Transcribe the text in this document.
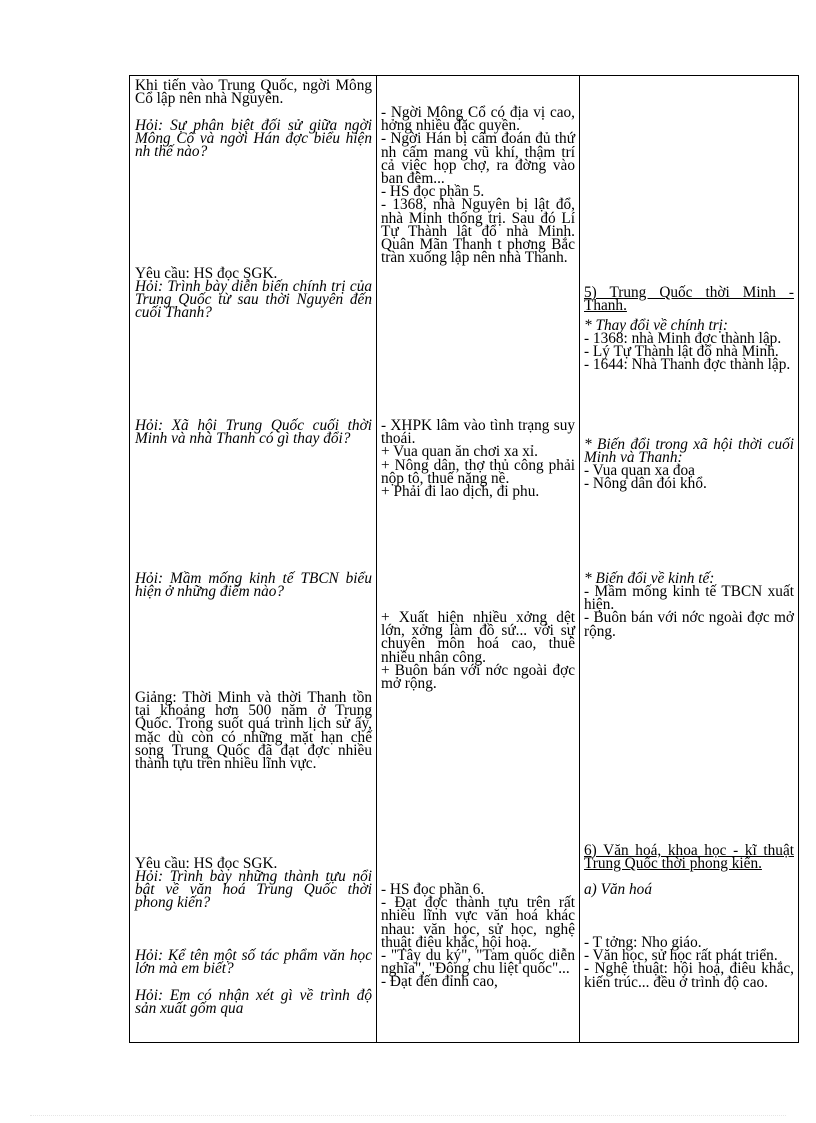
Khi tiến vào Trung Quốc, ngời Mông Cổ lập nên nhà Nguyên.
Hỏi: Sự phân biệt đối sử giữa ngời Mông Cổ và ngời Hán đợc biểu hiện nh thế nào?
Yêu cầu: HS đọc SGK.
Hỏi: Trình bày diễn biến chính trị của Trung Quốc từ sau thời Nguyên đến cuối Thanh?
Hỏi: Xã hội Trung Quốc cuối thời Minh và nhà Thanh có gì thay đổi?
Hỏi: Mầm mống kinh tế TBCN biểu hiện ở những điểm nào?
Giảng: Thời Minh và thời Thanh tồn tại khoảng hơn 500 năm ở Trung Quốc. Trong suốt quá trình lịch sử ấy, mặc dù còn có những mặt hạn chế song Trung Quốc đã đạt đợc nhiều thành tựu trên nhiều lĩnh vực.
Yêu cầu: HS đọc SGK.
Hỏi: Trình bày những thành tựu nổi bật về văn hoá Trung Quốc thời phong kiến?
Hỏi: Kể tên một số tác phẩm văn học lớn mà em biết?
Hỏi: Em có nhận xét gì về trình độ sản xuất gốm qua
- Ngời Mông Cổ có địa vị cao, hởng nhiều đặc quyền.
- Ngời Hán bị cấm đoán đủ thứ nh cấm mang vũ khí, thậm trí cả việc họp chợ, ra đờng vào ban đêm...
- HS đọc phần 5.
- 1368, nhà Nguyên bị lật đổ, nhà Minh thống trị. Sau đó Lí Tự Thành lật đổ nhà Minh. Quân Mãn Thanh t phơng Bắc tràn xuống lập nên nhà Thanh.
- XHPK lâm vào tình trạng suy thoái.
+ Vua quan ăn chơi xa xỉ.
+ Nông dân, thợ thủ công phải nộp tô, thuế nặng nề.
+ Phải đi lao dịch, đi phu.
+ Xuất hiện nhiều xởng dệt lớn, xởng làm đồ sứ... với sự chuyên môn hoá cao, thuê nhiều nhân công.
+ Buôn bán với nớc ngoài đợc mở rộng.
- HS đọc phần 6.
- Đạt đợc thành tựu trên rất nhiều lĩnh vực văn hoá khác nhau: văn học, sử học, nghệ thuật điêu khắc, hội hoạ.
- "Tây du ký", "Tam quốc diễn nghĩa", "Đông chu liệt quốc"...
- Đạt đến đỉnh cao,
5) Trung Quốc thời Minh - Thanh.
* Thay đổi về chính trị:
- 1368: nhà Minh đợc thành lập.
- Lý Tự Thành lật đổ nhà Minh.
- 1644: Nhà Thanh đợc thành lập.
* Biến đổi trong xã hội thời cuối Minh và Thanh:
- Vua quan xa đoạ
- Nông dân đói khổ.
* Biến đổi về kinh tế:
- Mầm mống kinh tế TBCN xuất hiện.
- Buôn bán với nớc ngoài đợc mở rộng.
6) Văn hoá, khoa học - kĩ thuật Trung Quốc thời phong kiến.
a) Văn hoá
- T tởng: Nho giáo.
- Văn học, sử học rất phát triển.
- Nghệ thuật: hội hoạ, điêu khắc, kiến trúc... đều ở trình độ cao.
